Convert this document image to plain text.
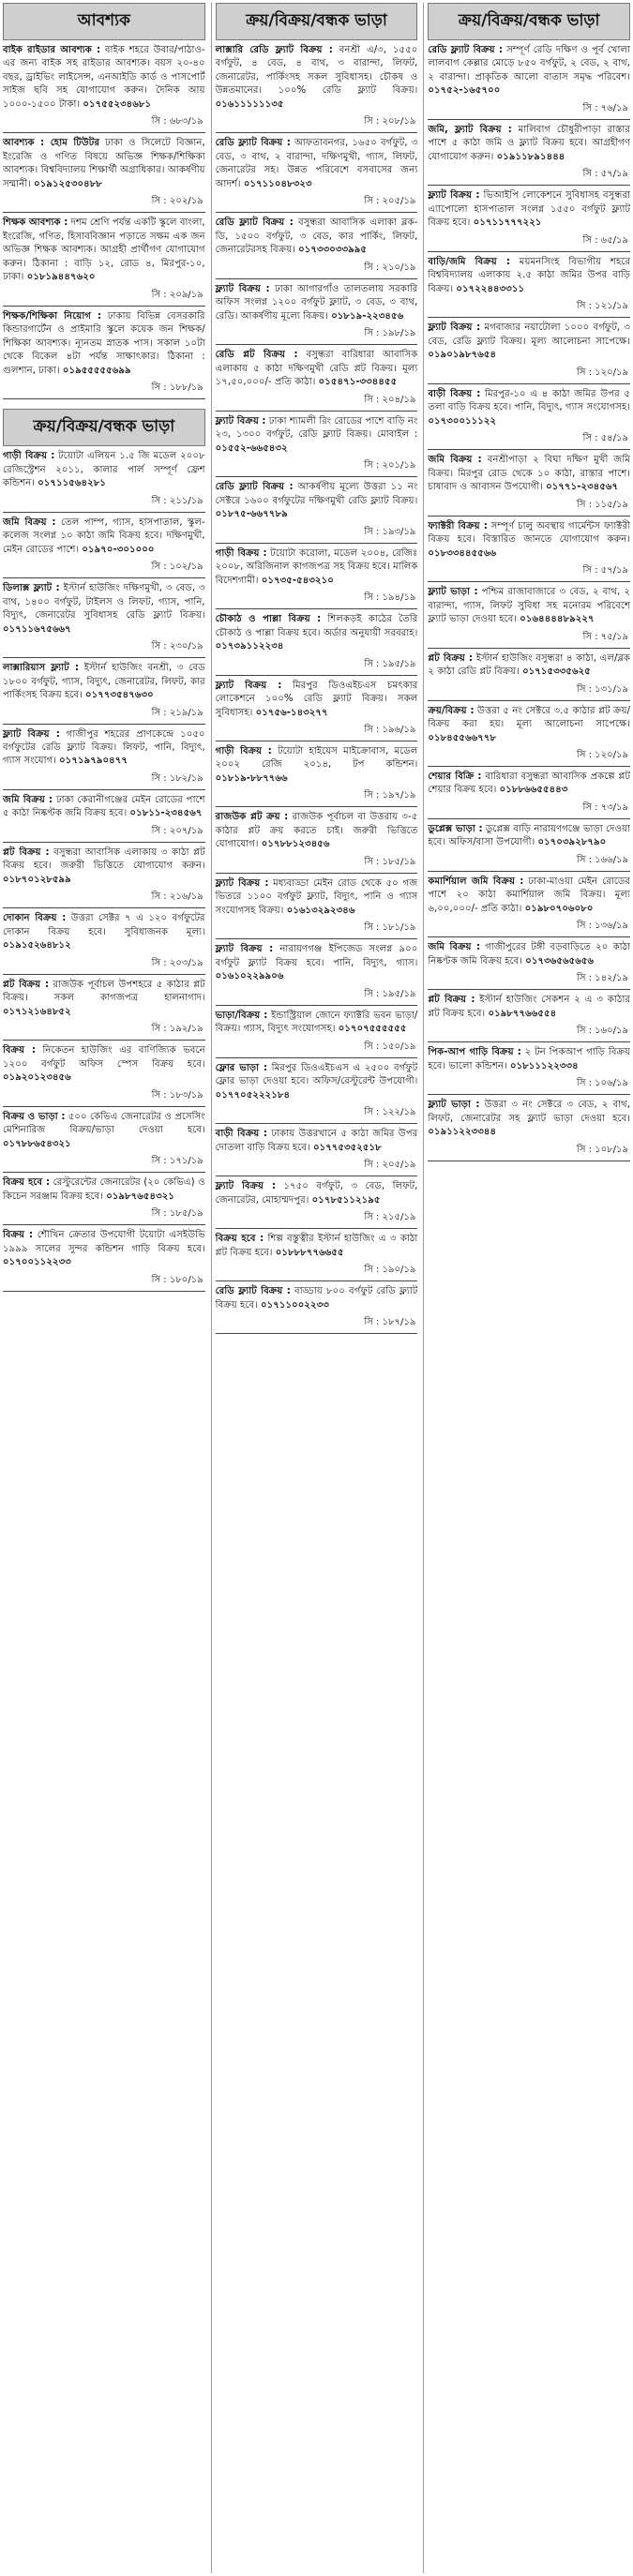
আবশ্যক
বাইক রাইডার আবশ্যক : বাইক শহরে উবার/পাঠাও-এর জন্য বাইক সহ রাইডার আবশ্যক। বয়স ২০-৪০ বছর, ড্রাইভিং লাইসেন্স, এনআইডি কার্ড ও পাসপোর্ট সাইজ ছবি সহ যোগাযোগ করুন। দৈনিক আয় ১০০০-১৫০০ টাকা। ০১৭৫৫২৩৪৬৮১
সি : ৬৮৩/১৯
আবশ্যক : হোম টিউটর ঢাকা ও সিলেটে বিজ্ঞান, ইংরেজি ও গণিত বিষয়ে অভিজ্ঞ শিক্ষক/শিক্ষিকা আবশ্যক। বিশ্ববিদ্যালয় শিক্ষার্থী অগ্রাধিকার। আকর্ষণীয় সম্মানী। ০১৯১২৫৩০৪৮৮
সি : ২০২/১৯
শিক্ষক আবশ্যক : দশম শ্রেণি পর্যন্ত একটি স্কুলে বাংলা, ইংরেজি, গণিত, হিসাববিজ্ঞান পড়াতে সক্ষম এক জন অভিজ্ঞ শিক্ষক আবশ্যক। আগ্রহী প্রার্থীগণ যোগাযোগ করুন। ঠিকানা : বাড়ি ১২, রোড ৪, মিরপুর-১০, ঢাকা। ০১৮১৯৪৪৭৬২০
সি : ২০৯/১৯
শিক্ষক/শিক্ষিকা নিয়োগ : ঢাকায় বিভিন্ন বেসরকারি কিন্ডারগার্টেন ও প্রাইমারি স্কুলে কয়েক জন শিক্ষক/শিক্ষিকা আবশ্যক। ন্যূনতম স্নাতক পাস। সকাল ১০টা থেকে বিকেল ৪টা পর্যন্ত সাক্ষাৎকার। ঠিকানা : গুলশান, ঢাকা। ০১৯৫৫৫৫৫৬৯৯
সি : ১৮৮/১৯
ক্রয়/বিক্রয়/বন্ধক ভাড়া
গাড়ী বিক্রয় : টয়োটা এলিয়ন ১.৫ জি মডেল ২০০৮ রেজিস্ট্রেশন ২০১১, কালার পার্ল সম্পূর্ণ ফ্রেশ কন্ডিশন। ০১৭১১৫৬৪২৮১
সি : ২১১/১৯
জমি বিক্রয় : তেল পাম্প, গ্যাস, হাসপাতাল, স্কুল-কলেজ সংলগ্ন ১০ কাঠা জমি বিক্রয় হবে। দক্ষিণমুখী, মেইন রোডের পাশে। ০১৯৭০-৩০১০০০
সি : ১০২/১৯
ডিলাক্স ফ্ল্যাট : ইস্টার্ন হাউজিং দক্ষিণমুখী, ৩ বেড, ৩ বাথ, ১৪০০ বর্গফুট, টাইলস ও লিফট, গ্যাস, পানি, বিদ্যুৎ, জেনারেটর সুবিধাসহ রেডি ফ্ল্যাট বিক্রয়। ০১৭১১৬৭৫৬৬৭
সি : ২৩০/১৯
লাক্সারিয়াস ফ্ল্যাট : ইস্টার্ন হাউজিং বনশ্রী, ৩ বেড ১৮০০ বর্গফুট, গ্যাস, বিদ্যুৎ, জেনারেটর, লিফট, কার পার্কিংসহ বিক্রয় হবে। ০১৭৭৩৫৪৭৬৩০
সি : ২১৯/১৯
ফ্ল্যাট বিক্রয় : গাজীপুর শহরের প্রাণকেন্দ্রে ১০৫০ বর্গফুটের রেডি ফ্ল্যাট বিক্রয়। লিফট, পানি, বিদ্যুৎ, গ্যাস সংযোগ। ০১৭১৯৭৯০৪৭৭
সি : ১৮২/১৯
জমি বিক্রয় : ঢাকা কেরানীগঞ্জের মেইন রোডের পাশে ৫ কাঠা নিষ্কণ্টক জমি বিক্রয় হবে। ০১৮১১-২৩৪৫৬৭
সি : ২০৭/১৯
প্লট বিক্রয় : বসুন্ধরা আবাসিক এলাকায় ৩ কাঠা প্লট বিক্রয় হবে। জরুরী ভিত্তিতে যোগাযোগ করুন। ০১৮৭০১২৮৫৯৯
সি : ২১৬/১৯
দোকান বিক্রয় : উত্তরা সেক্টর ৭ এ ১২০ বর্গফুটের দোকান বিক্রয় হবে। সুবিধাজনক মূল্য। ০১৯১৫২৬৪৮১২
সি : ২০৩/১৯
প্লট বিক্রয় : রাজউক পূর্বাচল উপশহরে ৫ কাঠার প্লট বিক্রয়। সকল কাগজপত্র হালনাগাদ। ০১৭১২১৬৪৮৫২
সি : ১৯২/১৯
বিক্রয় : নিকেতন হাউজিং এর বাণিজ্যিক ভবনে ১২০০ বর্গফুট অফিস স্পেস বিক্রয় হবে। ০১৯২০১২৩৪৫৬
সি : ১৮৩/১৯
বিক্রয় ও ভাড়া : ৫০০ কেভিএ জেনারেটর ও প্রসেসিং মেশিনারিজ বিক্রয়/ভাড়া দেওয়া হবে। ০১৭৮৮৬৫৪৩২১
সি : ১৭১/১৯
বিক্রয় হবে : রেস্টুরেন্টের জেনারেটর (২০ কেভিএ) ও কিচেন সরঞ্জাম বিক্রয় হবে। ০১৯৮৭৬৫৪৩২১
সি : ১৮৫/১৯
বিক্রয় : শৌখিন ক্রেতার উপযোগী টয়োটা এসইউভি ১৯৯৯ সালের সুন্দর কন্ডিশন গাড়ি বিক্রয় হবে। ০১৭০০১১২২৩৩
সি : ১৮০/১৯
ক্রয়/বিক্রয়/বন্ধক ভাড়া
লাক্সারি রেডি ফ্ল্যাট বিক্রয় : বনশ্রী এ/৩, ১৫৫০ বর্গফুট, ৪ বেড, ৪ বাথ, ৩ বারান্দা, লিফট, জেনারেটর, পার্কিংসহ সকল সুবিধাসহ। চৌকষ ও উন্নতমানের। ১০০% রেডি ফ্ল্যাট বিক্রয়। ০১৬১১১১১১৩৫
সি : ২০৮/১৯
রেডি ফ্ল্যাট বিক্রয় : আফতাবনগর, ১৬৫০ বর্গফুট, ৩ বেড, ৩ বাথ, ২ বারান্দা, দক্ষিণমুখী, গ্যাস, লিফট, জেনারেটর সহ। উন্নত পরিবেশে বসবাসের জন্য আদর্শ। ০১৭১১০৪৮৩২৩
সি : ২০৫/১৯
রেডি ফ্ল্যাট বিক্রয় : বসুন্ধরা আবাসিক এলাকা ব্লক-ডি, ১৫০০ বর্গফুট, ৩ বেড, কার পার্কিং, লিফট, জেনারেটরসহ বিক্রয়। ০১৭৩৩০৩৩৯৯৫
সি : ২১০/১৯
ফ্ল্যাট বিক্রয় : ঢাকা আগারগাঁও তালতলায় সরকারি অফিস সংলগ্ন ১২০০ বর্গফুট ফ্ল্যাট, ৩ বেড, ৩ বাথ, রেডি। আকর্ষণীয় মূল্যে বিক্রয়। ০১৮১৯-২২৩৪৫৬
সি : ১৯৮/১৯
রেডি প্লট বিক্রয় : বসুন্ধরা বারিধারা আবাসিক এলাকায় ৫ কাঠা দক্ষিণমুখী রেডি প্লট বিক্রয়। মূল্য ১৭,৫০,০০০/- প্রতি কাঠা। ০১৫৪৭১-৩৩৪৪৫৫
সি : ২০৪/১৯
ফ্ল্যাট বিক্রয় : ঢাকা শ্যামলী রিং রোডের পাশে বাড়ি নং ২৩, ১৩০০ বর্গফুট, রেডি ফ্ল্যাট বিক্রয়। মোবাইল : ০১৫৫২-৬৬৫৪৩২
সি : ২০১/১৯
রেডি ফ্ল্যাট বিক্রয় : আকর্ষণীয় মূল্যে উত্তরা ১১ নং সেক্টরে ১৬০০ বর্গফুটের দক্ষিণমুখী রেডি ফ্ল্যাট বিক্রয়। ০১৮৭৫-৬৬৭৭৮৯
সি : ১৯৩/১৯
গাড়ী বিক্রয় : টয়োটা করোলা, মডেল ২০০৪, রেজিঃ ২০০৮, অরিজিনাল কাগজপত্র সহ বিক্রয় হবে। মালিক বিদেশগামী। ০১৭৩৫-৫৪৩২১০
সি : ১৯৪/১৯
চৌকাঠ ও পাল্লা বিক্রয় : শিলকড়ই কাঠের তৈরি চৌকাঠ ও পাল্লা বিক্রয় হবে। অর্ডার অনুযায়ী সরবরাহ। ০১৭৩৯১১২২৩৪
সি : ১৯৫/১৯
ফ্ল্যাট বিক্রয় : মিরপুর ডিওএইচএস চমৎকার লোকেশনে ১০০% রেডি ফ্ল্যাট বিক্রয়। সকল সুবিধাসহ। ০১৭৫৬-১৪৩২৭৭
সি : ১৯৬/১৯
গাড়ী বিক্রয় : টয়োটা হাইয়েস মাইক্রোবাস, মডেল ২০০২ রেজি ২০১৪, টপ কন্ডিশন। ০১৮১৯-৮৮৭৭৬৬
সি : ১৯৭/১৯
রাজউক প্লট ক্রয় : রাজউক পূর্বাচল বা উত্তরায় ৩-৫ কাঠার প্লট ক্রয় করতে চাই। জরুরী ভিত্তিতে যোগাযোগ। ০১৭৮৮১২৩৪৫৬
সি : ১৮৫/১৯
ফ্ল্যাট বিক্রয় : মধ্যবাড্ডা মেইন রোড থেকে ৫০ গজ ভিতরে ১১০০ বর্গফুট ফ্ল্যাট, বিদ্যুৎ, পানি ও গ্যাস সংযোগসহ বিক্রয়। ০১৬১৩২৯২৩৪৬
সি : ১৮১/১৯
ফ্ল্যাট বিক্রয় : নারায়ণগঞ্জ ইপিজেড সংলগ্ন ৯০০ বর্গফুট ফ্ল্যাট বিক্রয় হবে। পানি, বিদ্যুৎ, গ্যাস। ০১৬১০২২৯৯০৬
সি : ১৯৫/১৯
ভাড়া/বিক্রয় : ইন্ডাস্ট্রিয়াল জোনে ফ্যাক্টরি ভবন ভাড়া/বিক্রয়। গ্যাস, বিদ্যুৎ সংযোগসহ। ০১৭০৭৫৫৫৫৫৫
সি : ১৫০/১৯
ফ্লোর ভাড়া : মিরপুর ডিওএইচএস এ ২৫০০ বর্গফুট ফ্লোর ভাড়া দেওয়া হবে। অফিস/রেস্টুরেন্ট উপযোগী। ০১৭৭০৫২২২১৮৪
সি : ১২২/১৯
বাড়ী বিক্রয় : ঢাকায় উত্তরখানে ৫ কাঠা জমির উপর দোতলা বাড়ি বিক্রয় হবে। ০১৭৭৫৩৫২৫১৮
সি : ২০৫/১৯
ফ্ল্যাট বিক্রয় : ১৭৫০ বর্গফুট, ৩ বেড, লিফট, জেনারেটর, মোহাম্মদপুর। ০১৭৮৫১১২১৯৫
সি : ২১৫/১৯
বিক্রয় হবে : শিল্প বস্তুত্বীর ইস্টার্ন হাউজিং এ ৩ কাঠা প্লট বিক্রয় হবে। ০১৮৮৮৭৭৬৬৫৫
সি : ১৯০/১৯
রেডি ফ্ল্যাট বিক্রয় : বাড্ডায় ৮০০ বর্গফুট রেডি ফ্ল্যাট বিক্রয় হবে। ০১৭১১০০২২৩৩
সি : ১৮৭/১৯
ক্রয়/বিক্রয়/বন্ধক ভাড়া
রেডি ফ্ল্যাট বিক্রয় : সম্পূর্ণ রেডি দক্ষিণ ও পূর্ব খোলা লালবাগ কেল্লার মোড়ে ৮৫০ বর্গফুট, ২ বেড, ২ বাথ, ২ বারান্দা। প্রাকৃতিক আলো বাতাস সমৃদ্ধ পরিবেশ। ০১৭৫২-১৬৫৭০০
সি : ৭৬/১৯
জমি, ফ্ল্যাট বিক্রয় : মালিবাগ চৌধুরীপাড়া রাস্তার পাশে ৫ কাঠা জমি ও ফ্ল্যাট বিক্রয় হবে। আগ্রহীগণ যোগাযোগ করুন। ০১৯১১৮৯১৪৪৪
সি : ৫৭/১৯
ফ্ল্যাট বিক্রয় : ভিআইপি লোকেশনে সুবিধাসহ বসুন্ধরা এ্যাপোলো হাসপাতাল সংলগ্ন ১৫৫০ বর্গফুট ফ্ল্যাট বিক্রয় হবে। ০১৭১১৭৭৭২২১
সি : ৬৫/১৯
বাড়ি/জমি বিক্রয় : ময়মনসিংহ বিভাগীয় শহরে বিশ্ববিদ্যালয় এলাকায় ২.৫ কাঠা জমির উপর বাড়ি বিক্রয়। ০১৭২২৪৪৩৩১১
সি : ১২১/১৯
ফ্ল্যাট বিক্রয় : মগবাজার নয়াটোলা ১০০০ বর্গফুট, ৩ বেড, রেডি ফ্ল্যাট বিক্রয়। মূল্য আলোচনা সাপেক্ষে। ০১৯০১৯৮৭৬৫৪
সি : ১২০/১৯
বাড়ী বিক্রয় : মিরপুর-১০ এ ৪ কাঠা জমির উপর ৫ তলা বাড়ি বিক্রয় হবে। পানি, বিদ্যুৎ, গ্যাস সংযোগসহ। ০১৭৩০০১১১২২
সি : ৫৪/১৯
জমি বিক্রয় : বনশ্রীপাড়া ২ বিঘা দক্ষিণ মুখী জমি বিক্রয়। মিরপুর রোড থেকে ১০ কাঠা, রাস্তার পাশে। চাষাবাদ ও আবাসন উপযোগী। ০১৭৭১-২৩৪৫৬৭
সি : ১১৫/১৯
ফ্যাক্টরী বিক্রয় : সম্পূর্ণ চালু অবস্থায় গার্মেন্টস ফ্যাক্টরী বিক্রয় হবে। বিস্তারিত জানতে যোগাযোগ করুন। ০১৮৩৩৪৪৫৫৬৬
সি : ৫৭/১৯
ফ্ল্যাট ভাড়া : পশ্চিম রাজাবাজারে ৩ বেড, ২ বাথ, ২ বারান্দা, গ্যাস, লিফট সুবিধা সহ মনোরম পরিবেশে ফ্ল্যাট ভাড়া দেওয়া হবে। ০১৬৪৪৪৪৮৯২২৭
সি : ৭৫/১৯
প্লট বিক্রয় : ইস্টার্ন হাউজিং বসুন্ধরা ৪ কাঠা, এল/ব্লক ২ কাঠা রেডি প্লট বিক্রয়। ০১৭১৫৩৩৫৬২৫
সি : ১৩১/১৯
ক্রয়/বিক্রয় : উত্তরা ৫ নং সেক্টরে ৩.৫ কাঠার প্লট ক্রয়/বিক্রয় করা হয়। মূল্য আলোচনা সাপেক্ষে। ০১৮৪৫৫৬৬৭৭৮
সি : ১২০/১৯
শেয়ার বিক্রি : বারিধারা বসুন্ধরা আবাসিক প্রকল্পে প্লট শেয়ার বিক্রয় হবে। ০১৮৮৬৬৫৫৪৪৩
সি : ৭৩/১৯
ডুপ্লেক্স ভাড়া : ডুপ্লেক্স বাড়ি নারায়ণগঞ্জে ভাড়া দেওয়া হবে। অফিস/বাসা উপযোগী। ০১৭০৩৯২৮৭৯০
সি : ১৬৬/১৯
কমার্শিয়াল জমি বিক্রয় : ঢাকা-মাওয়া মেইন রোডের পাশে ২০ কাঠা কমার্শিয়াল জমি বিক্রয়। মূল্য ৬,০০,০০০/- প্রতি কাঠা। ০১৯৮০৭০৬০৮০
সি : ১৩৬/১৯
জমি বিক্রয় : গাজীপুরের টঙ্গী বড়বাড়িতে ২০ কাঠা নিষ্কণ্টক জমি বিক্রয় হবে। ০১৭৩৬৫৬৫৬৫৬
সি : ১৪২/১৯
প্লট বিক্রয় : ইস্টার্ন হাউজিং সেকশন ২ এ ৩ কাঠার প্লট বিক্রয় হবে। ০১৯৮৭৭৬৬৫৫৪
সি : ১৬০/১৯
পিক-আপ গাড়ি বিক্রয় : ২ টন পিকআপ গাড়ি বিক্রয় হবে। ভালো কন্ডিশন। ০১৮১১১২২৩৩৪
সি : ১০৬/১৯
ফ্ল্যাট ভাড়া : উত্তরা ৩ নং সেক্টরে ৩ বেড, ২ বাথ, লিফট, জেনারেটর সহ ফ্ল্যাট ভাড়া দেওয়া হবে। ০১৯১১২২৩৩৪৪
সি : ১০৮/১৯
